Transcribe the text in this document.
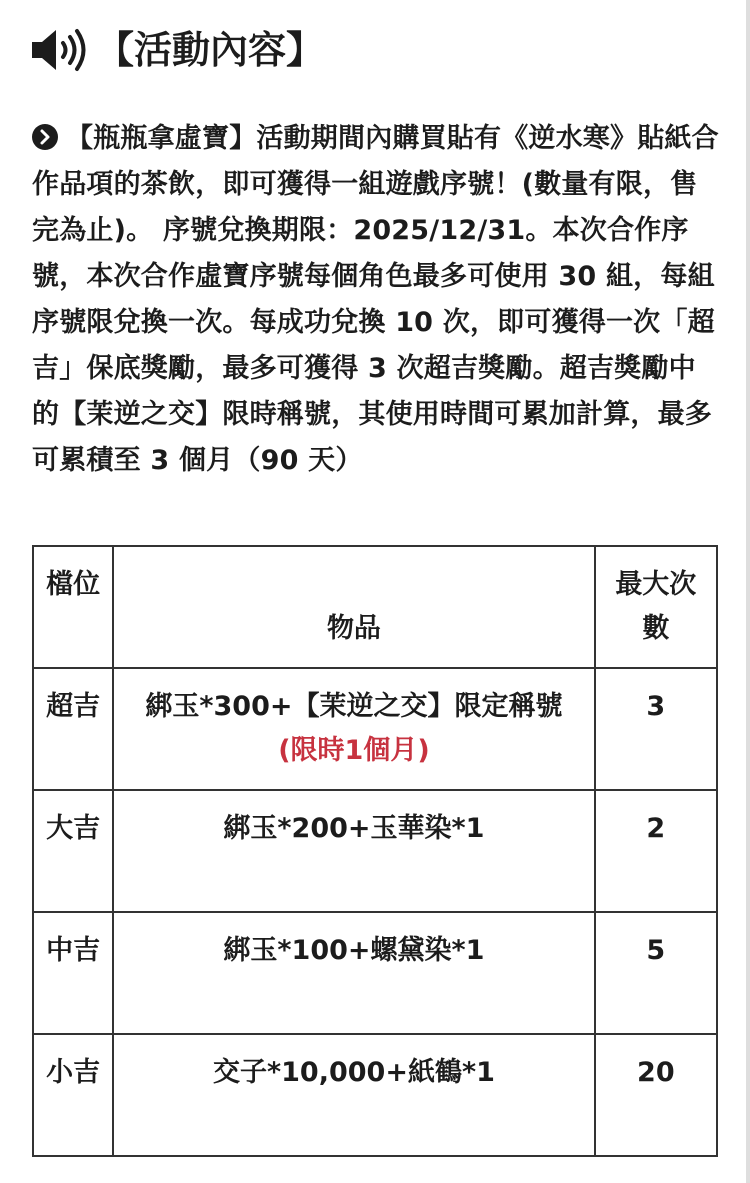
【活動內容】
【瓶瓶拿虛寶】活動期間內購買貼有《逆水寒》貼紙合作品項的茶飲，即可獲得一組遊戲序號！(數量有限，售完為止)。 序號兌換期限：2025/12/31。本次合作序號，本次合作虛寶序號每個角色最多可使用 30 組，每組序號限兌換一次。每成功兌換 10 次，即可獲得一次「超吉」保底獎勵，最多可獲得 3 次超吉獎勵。超吉獎勵中的【茉逆之交】限時稱號，其使用時間可累加計算，最多可累積至 3 個月（90 天）
檔位	物品	最大次數

超吉	綁玉*300+【茉逆之交】限定稱號(限時1個月)	3

大吉	綁玉*200+玉華染*1	2

中吉	綁玉*100+螺黛染*1	5

小吉	交子*10,000+紙鶴*1	20
